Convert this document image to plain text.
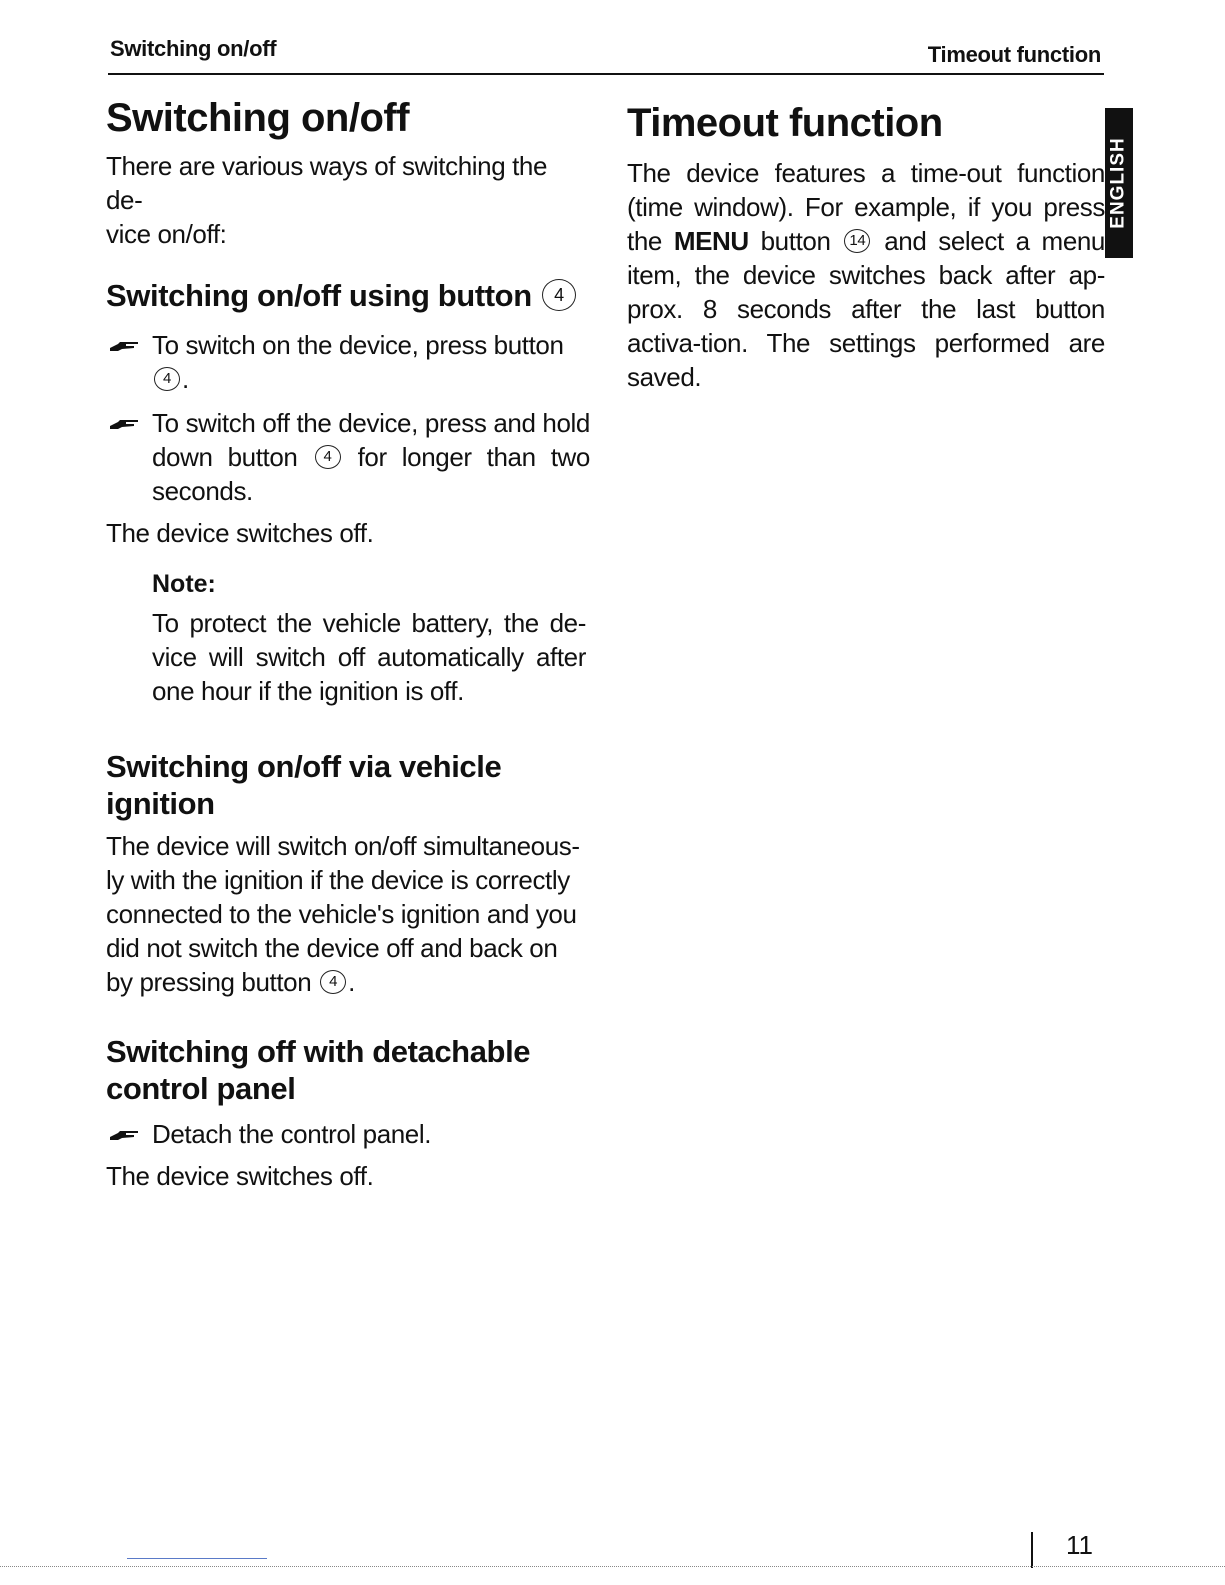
Switching on/off	Timeout function
ENGLISH
Switching on/off

There are various ways of switching the de-
vice on/off:

Switching on/off using button 4
To switch on the device, press button
4 .
To switch off the device, press and hold down button 4 for longer than two seconds.

The device switches off.

Note:

To protect the vehicle battery, the de-vice will switch off automatically after one hour if the ignition is off.

Switching on/off via vehicle ignition

The device will switch on/off simultaneous-ly with the ignition if the device is correctly connected to the vehicle's ignition and you did not switch the device off and back on by pressing button 4 .

Switching off with detachable control panel
Detach the control panel.

The device switches off.

Timeout function

The device features a time-out function (time window). For example, if you press the MENU button 14 and select a menu item, the device switches back after ap-prox. 8 seconds after the last button activa-tion. The settings performed are saved.

11
